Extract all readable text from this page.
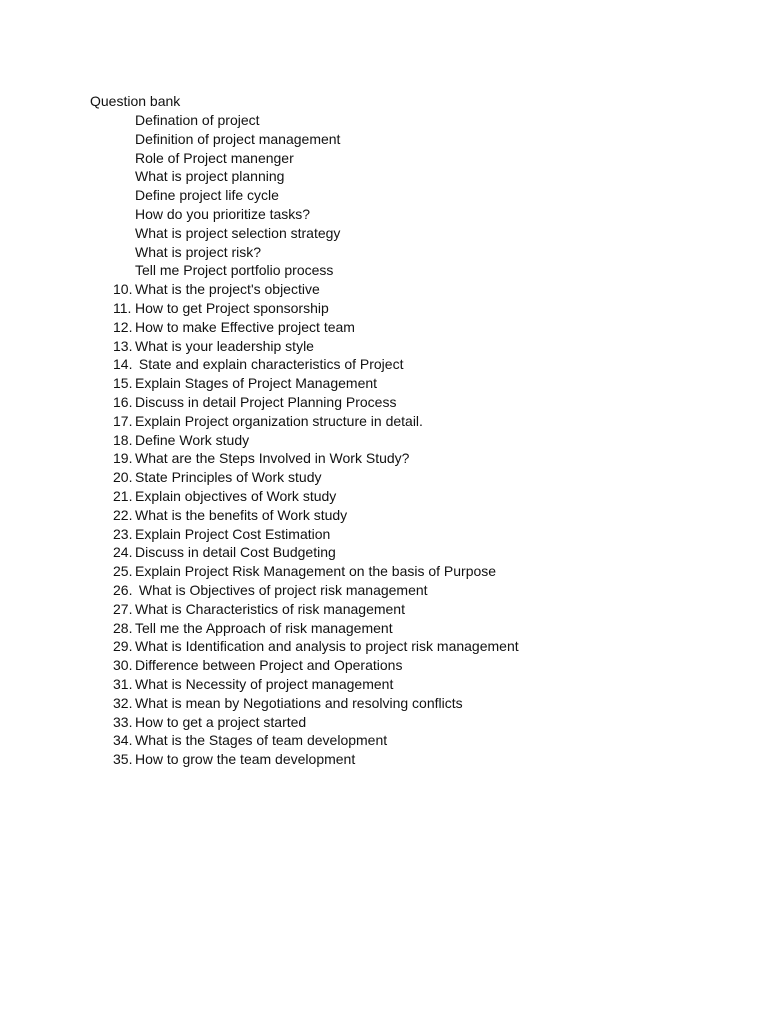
Question bank
Defination of project
Definition of project management
Role of Project manenger
What is project planning
Define project life cycle
How do you prioritize tasks?
What is project selection strategy
What is project risk?
Tell me Project portfolio process
10. What is the project's objective
11. How to get Project sponsorship
12. How to make Effective project team
13. What is your leadership style
14. State and explain characteristics of Project
15. Explain Stages of Project Management
16. Discuss in detail Project Planning Process
17. Explain Project organization structure in detail.
18. Define Work study
19. What are the Steps Involved in Work Study?
20. State Principles of Work study
21. Explain objectives of Work study
22. What is the benefits of Work study
23. Explain Project Cost Estimation
24. Discuss in detail Cost Budgeting
25. Explain Project Risk Management on the basis of Purpose
26. What is Objectives of project risk management
27. What is Characteristics of risk management
28. Tell me the Approach of risk management
29. What is Identification and analysis to project risk management
30. Difference between Project and Operations
31. What is Necessity of project management
32. What is mean by Negotiations and resolving conflicts
33. How to get a project started
34. What is the Stages of team development
35. How to grow the team development
